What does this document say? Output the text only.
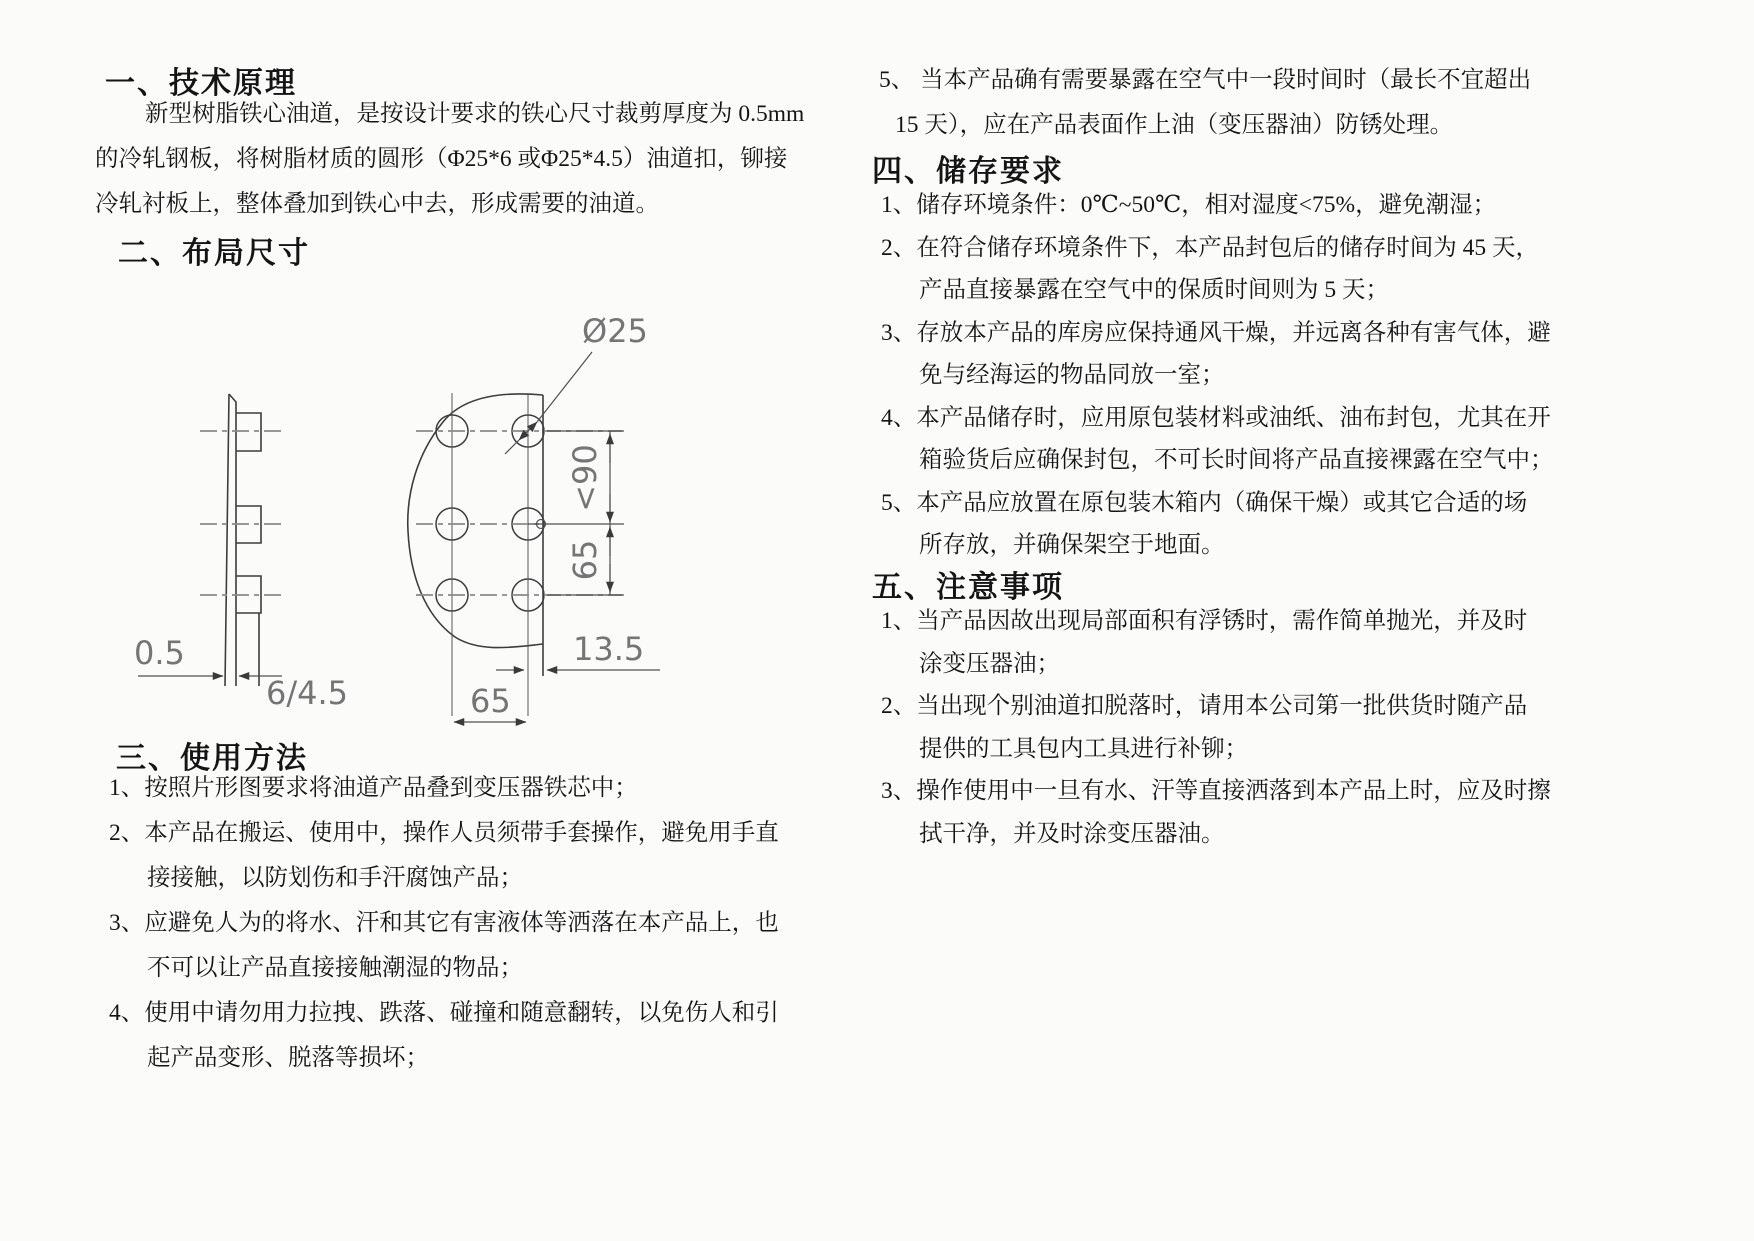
一、技术原理
新型树脂铁心油道，是按设计要求的铁心尺寸裁剪厚度为 0.5mm
的冷轧钢板，将树脂材质的圆形（Φ25*6 或Φ25*4.5）油道扣，铆接
冷轧衬板上，整体叠加到铁心中去，形成需要的油道。
二、布局尺寸
0.5
6/4.5
Ø25
<90
65
13.5
65
三、使用方法
1、按照片形图要求将油道产品叠到变压器铁芯中；
2、本产品在搬运、使用中，操作人员须带手套操作，避免用手直
接接触，以防划伤和手汗腐蚀产品；
3、应避免人为的将水、汗和其它有害液体等洒落在本产品上，也
不可以让产品直接接触潮湿的物品；
4、使用中请勿用力拉拽、跌落、碰撞和随意翻转，以免伤人和引
起产品变形、脱落等损坏；
5、 当本产品确有需要暴露在空气中一段时间时（最长不宜超出
15 天），应在产品表面作上油（变压器油）防锈处理。
四、储存要求
1、储存环境条件：0℃~50℃，相对湿度<75%，避免潮湿；
2、在符合储存环境条件下，本产品封包后的储存时间为 45 天，
产品直接暴露在空气中的保质时间则为 5 天；
3、存放本产品的库房应保持通风干燥，并远离各种有害气体，避
免与经海运的物品同放一室；
4、本产品储存时，应用原包装材料或油纸、油布封包，尤其在开
箱验货后应确保封包，不可长时间将产品直接裸露在空气中；
5、本产品应放置在原包装木箱内（确保干燥）或其它合适的场
所存放，并确保架空于地面。
五、注意事项
1、当产品因故出现局部面积有浮锈时，需作简单抛光，并及时
涂变压器油；
2、当出现个别油道扣脱落时，请用本公司第一批供货时随产品
提供的工具包内工具进行补铆；
3、操作使用中一旦有水、汗等直接洒落到本产品上时，应及时擦
拭干净，并及时涂变压器油。
